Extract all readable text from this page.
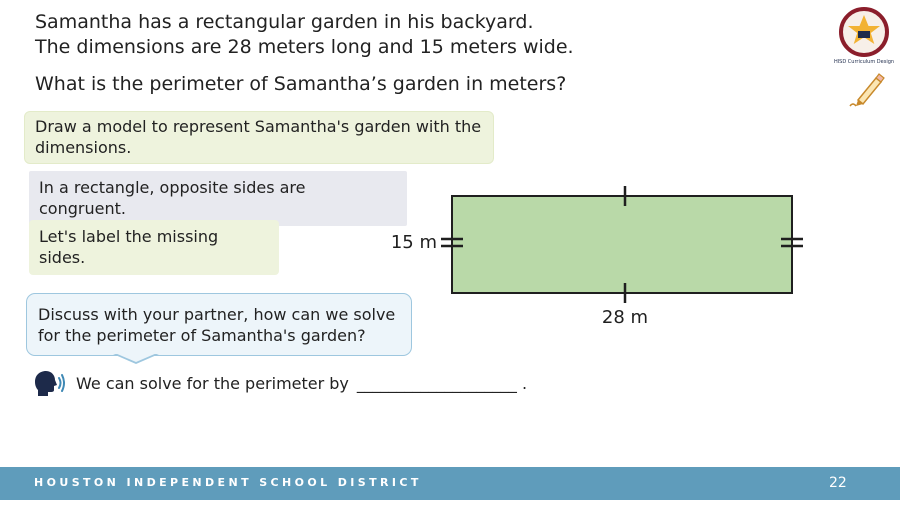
Samantha has a rectangular garden in his backyard.

The dimensions are 28 meters long and 15 meters wide.

What is the perimeter of Samantha’s garden in meters?
Draw a model to represent Samantha's garden with the dimensions.
In a rectangle, opposite sides are congruent.
Let's label the missing sides.
Discuss with your partner, how can we solve for the perimeter of Samantha's garden?
We can solve for the perimeter by ____________________ .
15 m
28 m
HISD Curriculum Design
HOUSTON INDEPENDENT SCHOOL DISTRICT	22
